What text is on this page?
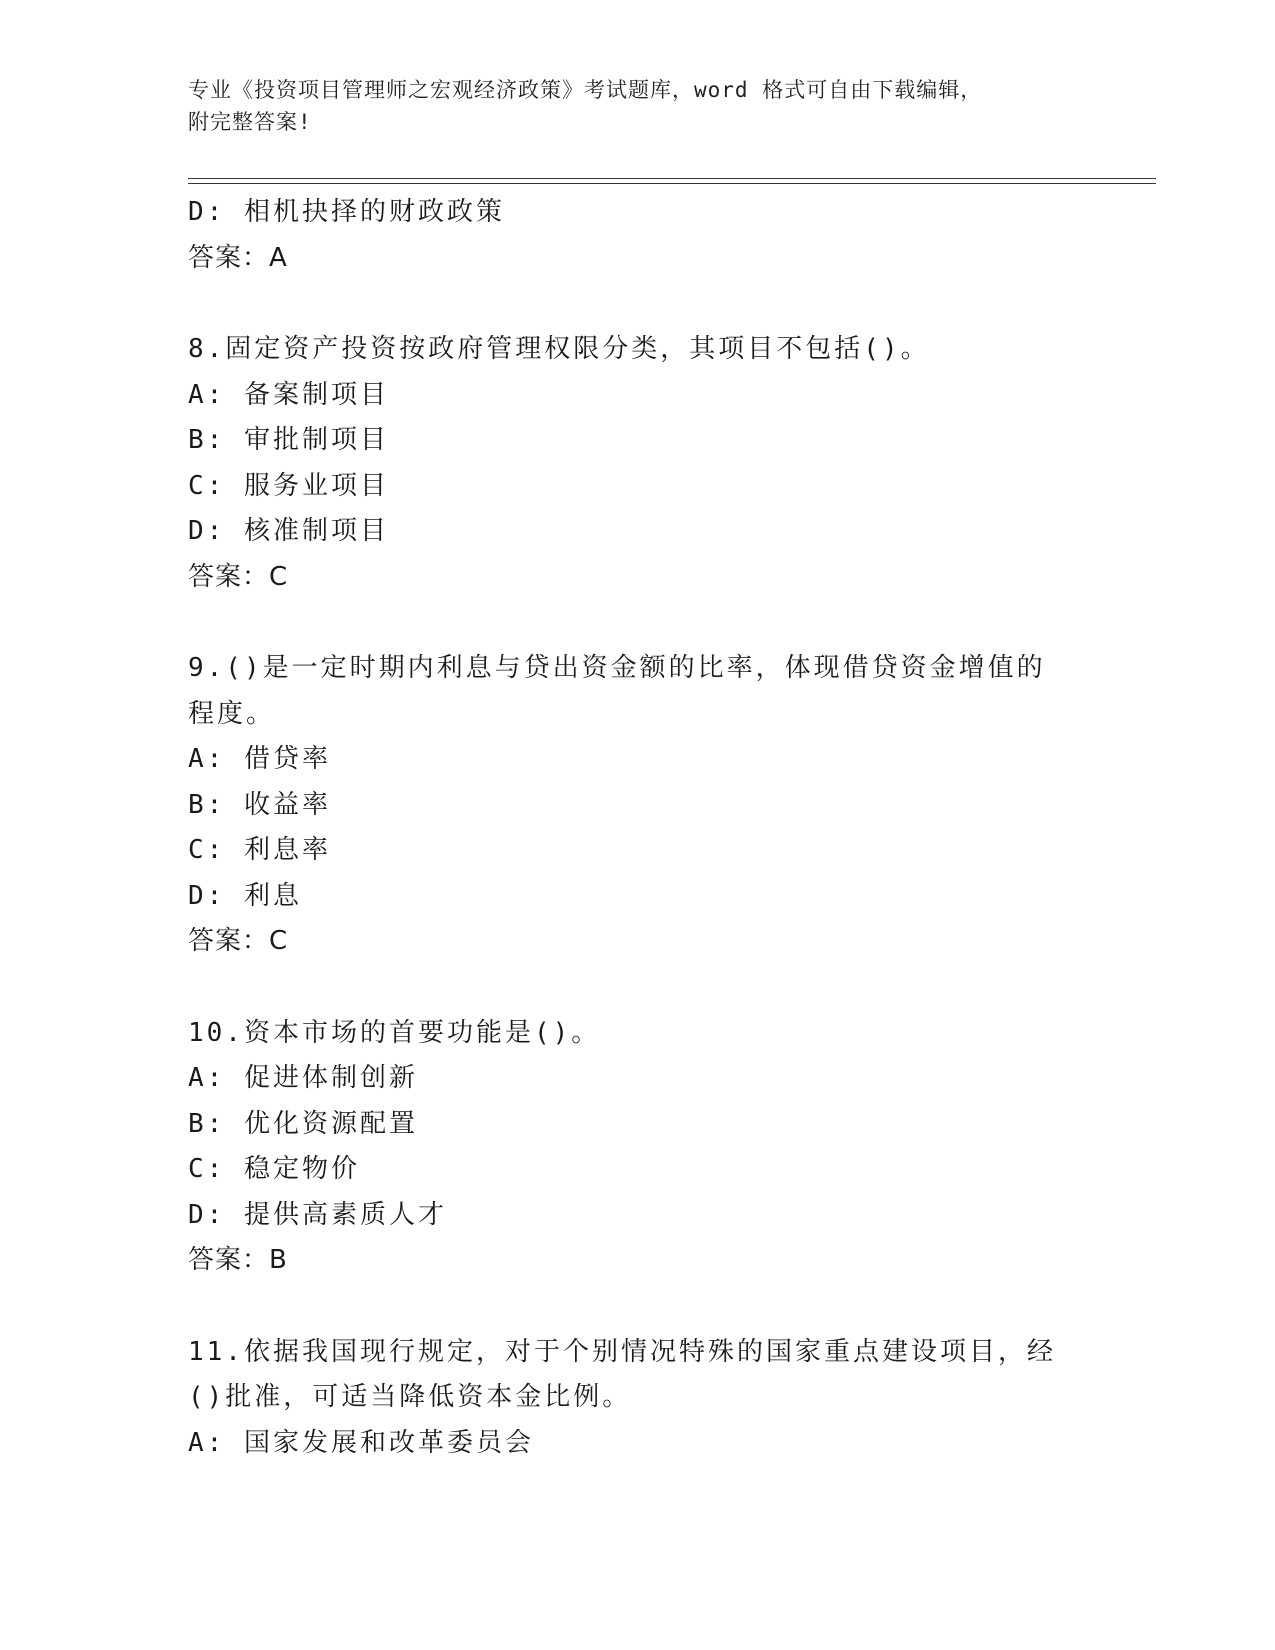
专业《投资项目管理师之宏观经济政策》考试题库，word 格式可自由下载编辑，
附完整答案!
D: 相机抉择的财政政策
答案：A
8.固定资产投资按政府管理权限分类，其项目不包括()。
A: 备案制项目
B: 审批制项目
C: 服务业项目
D: 核准制项目
答案：C
9.()是一定时期内利息与贷出资金额的比率，体现借贷资金增值的程度。
A: 借贷率
B: 收益率
C: 利息率
D: 利息
答案：C
10.资本市场的首要功能是()。
A: 促进体制创新
B: 优化资源配置
C: 稳定物价
D: 提供高素质人才
答案：B
11.依据我国现行规定，对于个别情况特殊的国家重点建设项目，经()批准，可适当降低资本金比例。
A: 国家发展和改革委员会
